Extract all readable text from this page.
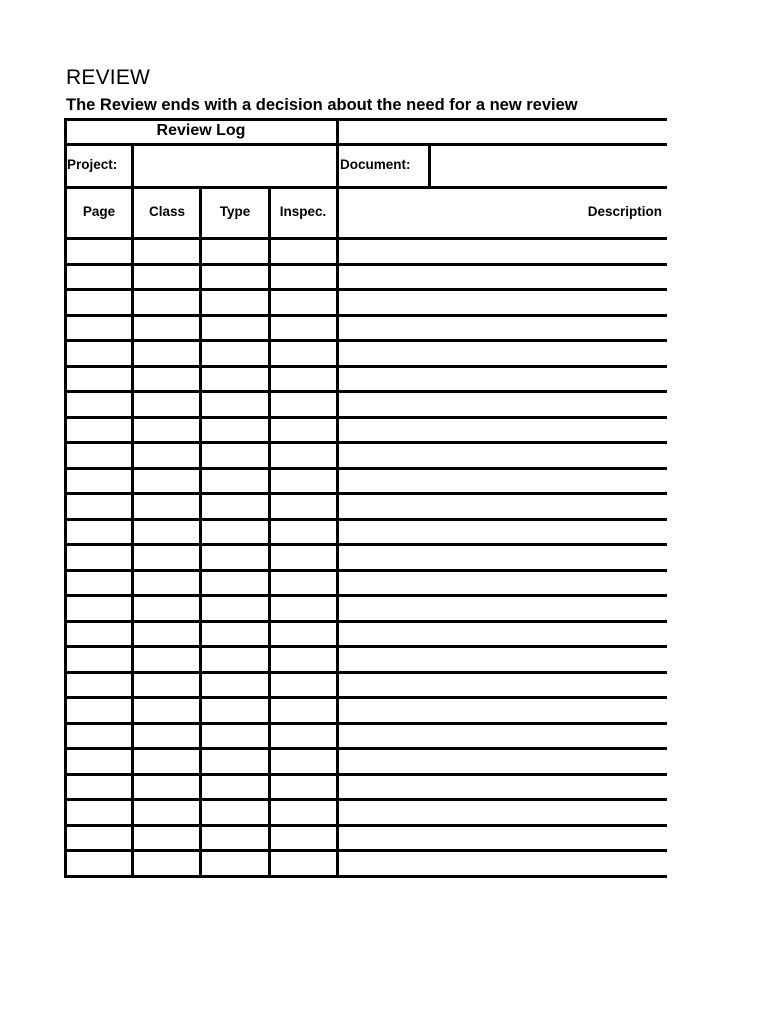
REVIEW
The Review ends with a decision about the need for a new review
Review Log
Project:	Document:
Page	Class	Type	Inspec.	Description
